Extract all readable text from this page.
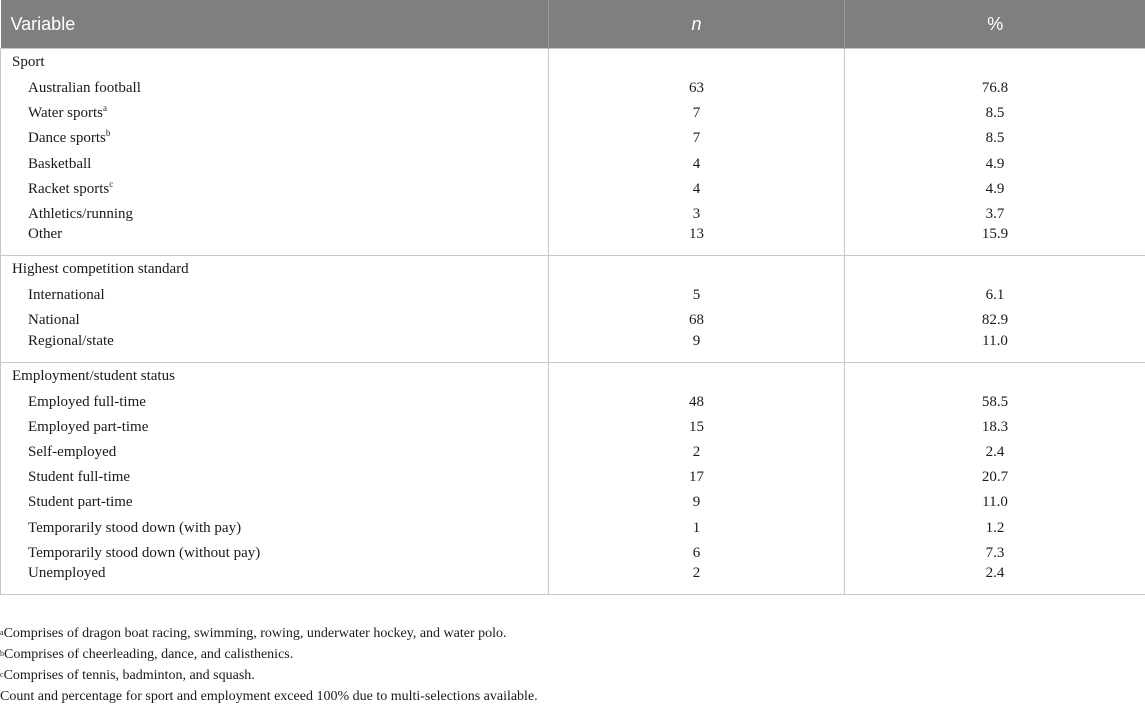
Variable	n	%
Sport		
Australian football	63	76.8
Water sports$^a$	7	8.5
Dance sports$^b$	7	8.5
Basketball	4	4.9
Racket sports$^c$	4	4.9
Athletics/running	3	3.7
Other	13	15.9
Highest competition standard		
International	5	6.1
National	68	82.9
Regional/state	9	11.0
Employment/student status		
Employed full-time	48	58.5
Employed part-time	15	18.3
Self-employed	2	2.4
Student full-time	17	20.7
Student part-time	9	11.0
Temporarily stood down (with pay)	1	1.2
Temporarily stood down (without pay)	6	7.3
Unemployed	2	2.4
$^a$Comprises of dragon boat racing, swimming, rowing, underwater hockey, and water polo.
$^b$Comprises of cheerleading, dance, and calisthenics.
$^c$Comprises of tennis, badminton, and squash.
Count and percentage for sport and employment exceed 100% due to multi-selections available.
